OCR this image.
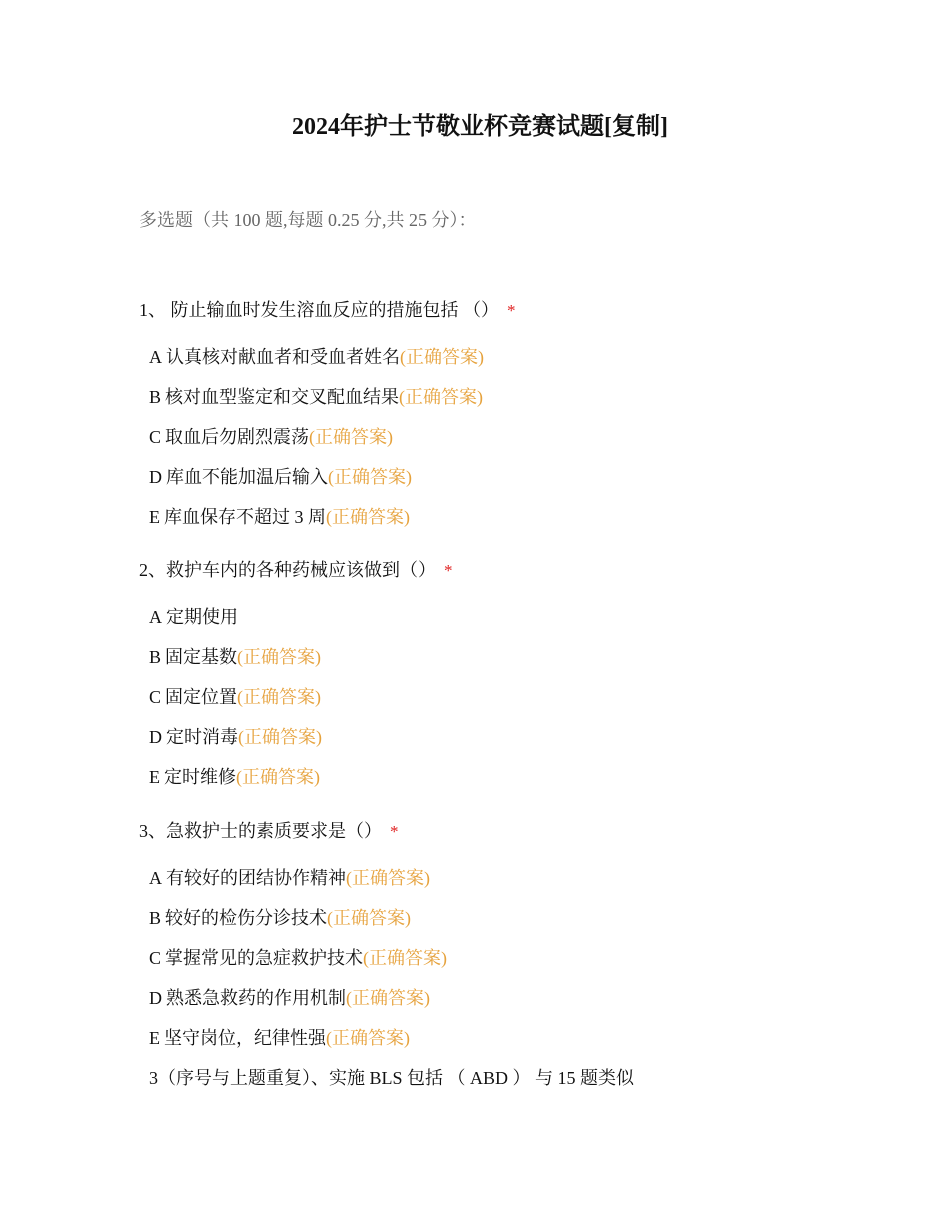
2024年护士节敬业杯竞赛试题[复制]
多选题（共 100 题,每题 0.25 分,共 25 分）：
1、 防止输血时发生溶血反应的措施包括 （） *
A 认真核对献血者和受血者姓名(正确答案)
B 核对血型鉴定和交叉配血结果(正确答案)
C 取血后勿剧烈震荡(正确答案)
D 库血不能加温后输入(正确答案)
E 库血保存不超过 3 周(正确答案)
2、救护车内的各种药械应该做到（） *
A 定期使用
B 固定基数(正确答案)
C 固定位置(正确答案)
D 定时消毒(正确答案)
E 定时维修(正确答案)
3、急救护士的素质要求是（） *
A 有较好的团结协作精神(正确答案)
B 较好的检伤分诊技术(正确答案)
C 掌握常见的急症救护技术(正确答案)
D 熟悉急救药的作用机制(正确答案)
E 坚守岗位，纪律性强(正确答案)
3（序号与上题重复）、实施 BLS 包括 （ ABD ） 与 15 题类似
